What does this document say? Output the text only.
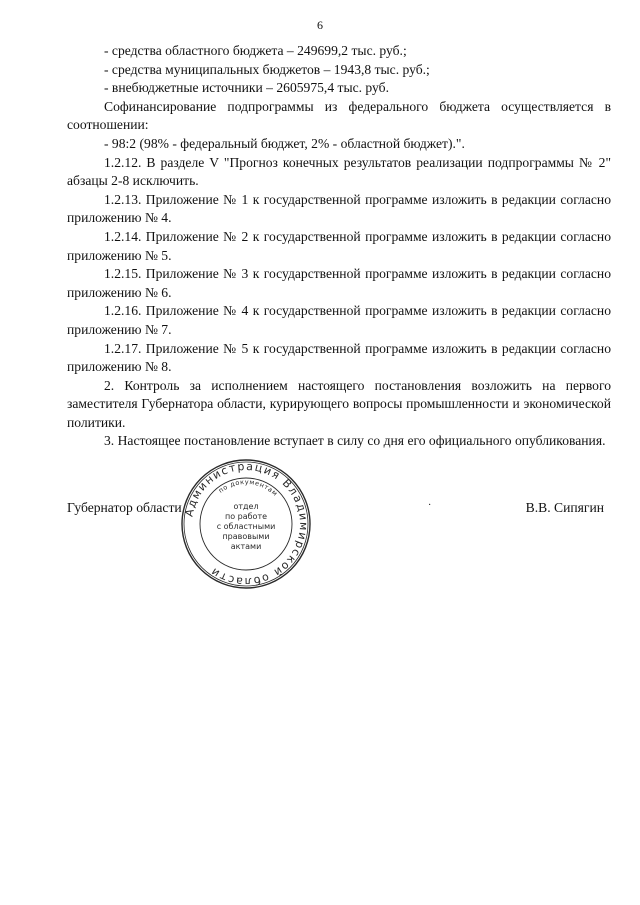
6

- средства областного бюджета – 249699,2 тыс. руб.;

- средства муниципальных бюджетов – 1943,8 тыс. руб.;

- внебюджетные источники – 2605975,4 тыс. руб.

Софинансирование подпрограммы из федерального бюджета осуществляется в соотношении:

- 98:2 (98% - федеральный бюджет, 2% - областной бюджет).".

1.2.12. В разделе V "Прогноз конечных результатов реализации подпрограммы № 2" абзацы 2-8 исключить.

1.2.13. Приложение № 1 к государственной программе изложить в редакции согласно приложению № 4.

1.2.14. Приложение № 2 к государственной программе изложить в редакции согласно приложению № 5.

1.2.15. Приложение № 3 к государственной программе изложить в редакции согласно приложению № 6.

1.2.16. Приложение № 4 к государственной программе изложить в редакции согласно приложению № 7.

1.2.17. Приложение № 5 к государственной программе изложить в редакции согласно приложению № 8.

2. Контроль за исполнением настоящего постановления возложить на первого заместителя Губернатора области, курирующего вопросы промышленности и экономической политики.

3. Настоящее постановление вступает в силу со дня его официального опубликования.

Губернатор области	·	В.В. Сипягин
Администрация Владимирской области
по документам
отдел
по работе
с областными
правовыми
актами
